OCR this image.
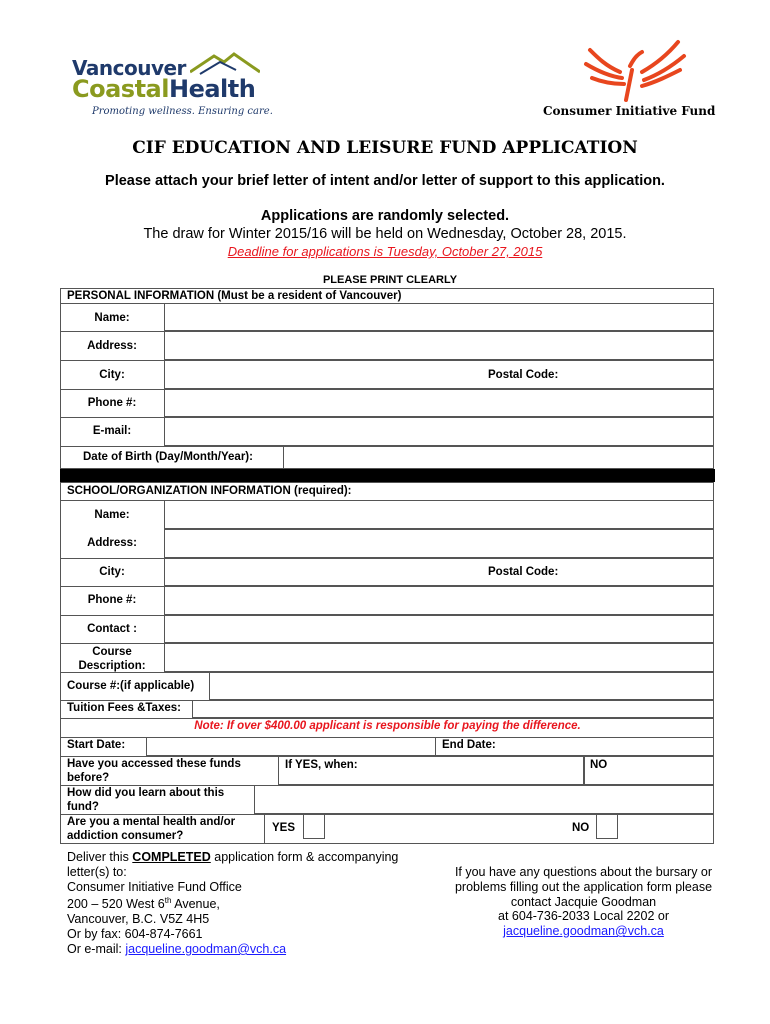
Vancouver
CoastalHealth
Promoting wellness. Ensuring care.	Consumer Initiative Fund
CIF EDUCATION AND LEISURE FUND APPLICATION
Please attach your brief letter of intent and/or letter of support to this application.
Applications are randomly selected.
The draw for Winter 2015/16 will be held on Wednesday, October 28, 2015.
Deadline for applications is Tuesday, October 27, 2015
PLEASE PRINT CLEARLY
PERSONAL INFORMATION (Must be a resident of Vancouver)
Name:
Address:
City:	Postal Code:
Phone #:
E-mail:
Date of Birth (Day/Month/Year):
SCHOOL/ORGANIZATION INFORMATION (required):
Name:
Address:
City:	Postal Code:
Phone #:
Contact :
Course Description:
Course #:(if applicable)
Tuition Fees &Taxes:
Note: If over $400.00 applicant is responsible for paying the difference.
Start Date:	End Date:
Have you accessed these funds before?
If YES, when:	NO
How did you learn about this fund?
Are you a mental health and/or addiction consumer?
YES	NO
Deliver this COMPLETED application form & accompanying
letter(s) to:
Consumer Initiative Fund Office
200 – 520 West 6th Avenue,
Vancouver, B.C. V5Z 4H5
Or by fax: 604-874-7661
Or e-mail: jacqueline.goodman@vch.ca
If you have any questions about the bursary or
problems filling out the application form please
contact Jacquie Goodman
at 604-736-2033 Local 2202 or
jacqueline.goodman@vch.ca
